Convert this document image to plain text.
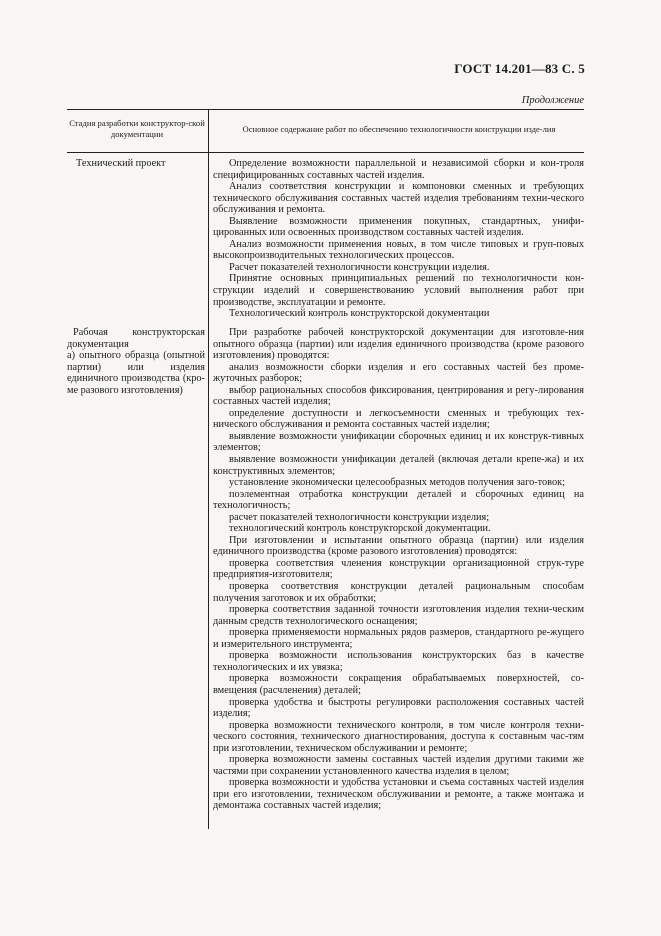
ГОСТ 14.201—83 С. 5
Продолжение
Стадия разработки конструктор-ской документации	Основное содержание работ по обеспечению технологичности конструкции изде-лия
Технический проект

Рабочая конструкторская документация

а) опытного образца (опытной партии) или изделия единичного производства (кро-ме разового изготовления)

Определение возможности параллельной и независимой сборки и кон-троля специфицированных составных частей изделия.

Анализ соответствия конструкции и компоновки сменных и требующих технического обслуживания составных частей изделия требованиям техни-ческого обслуживания и ремонта.

Выявление возможности применения покупных, стандартных, унифи-цированных или освоенных производством составных частей изделия.

Анализ возможности применения новых, в том числе типовых и груп-повых высокопроизводительных технологических процессов.

Расчет показателей технологичности конструкции изделия.

Принятие основных принципиальных решений по технологичности кон-струкции изделий и совершенствованию условий выполнения работ при производстве, эксплуатации и ремонте.

Технологический контроль конструкторской документации

При разработке рабочей конструкторской документации для изготовле-ния опытного образца (партии) или изделия единичного производства (кроме разового изготовления) проводятся:

анализ возможности сборки изделия и его составных частей без проме-жуточных разборок;

выбор рациональных способов фиксирования, центрирования и регу-лирования составных частей изделия;

определение доступности и легкосъемности сменных и требующих тех-нического обслуживания и ремонта составных частей изделия;

выявление возможности унификации сборочных единиц и их конструк-тивных элементов;

выявление возможности унификации деталей (включая детали крепе-жа) и их конструктивных элементов;

установление экономически целесообразных методов получения заго-товок;

поэлементная отработка конструкции деталей и сборочных единиц на технологичность;

расчет показателей технологичности конструкции изделия;

технологический контроль конструкторской документации.

При изготовлении и испытании опытного образца (партии) или изделия единичного производства (кроме разового изготовления) проводятся:

проверка соответствия членения конструкции организационной струк-туре предприятия-изготовителя;

проверка соответствия конструкции деталей рациональным способам получения заготовок и их обработки;

проверка соответствия заданной точности изготовления изделия техни-ческим данным средств технологического оснащения;

проверка применяемости нормальных рядов размеров, стандартного ре-жущего и измерительного инструмента;

проверка возможности использования конструкторских баз в качестве технологических и их увязка;

проверка возможности сокращения обрабатываемых поверхностей, со-вмещения (расчленения) деталей;

проверка удобства и быстроты регулировки расположения составных частей изделия;

проверка возможности технического контроля, в том числе контроля техни-ческого состояния, технического диагностирования, доступа к составным час-тям при изготовлении, техническом обслуживании и ремонте;

проверка возможности замены составных частей изделия другими такими же частями при сохранении установленного качества изделия в целом;

проверка возможности и удобства установки и съема составных частей изделия при его изготовлении, техническом обслуживании и ремонте, а также монтажа и демонтажа составных частей изделия;
